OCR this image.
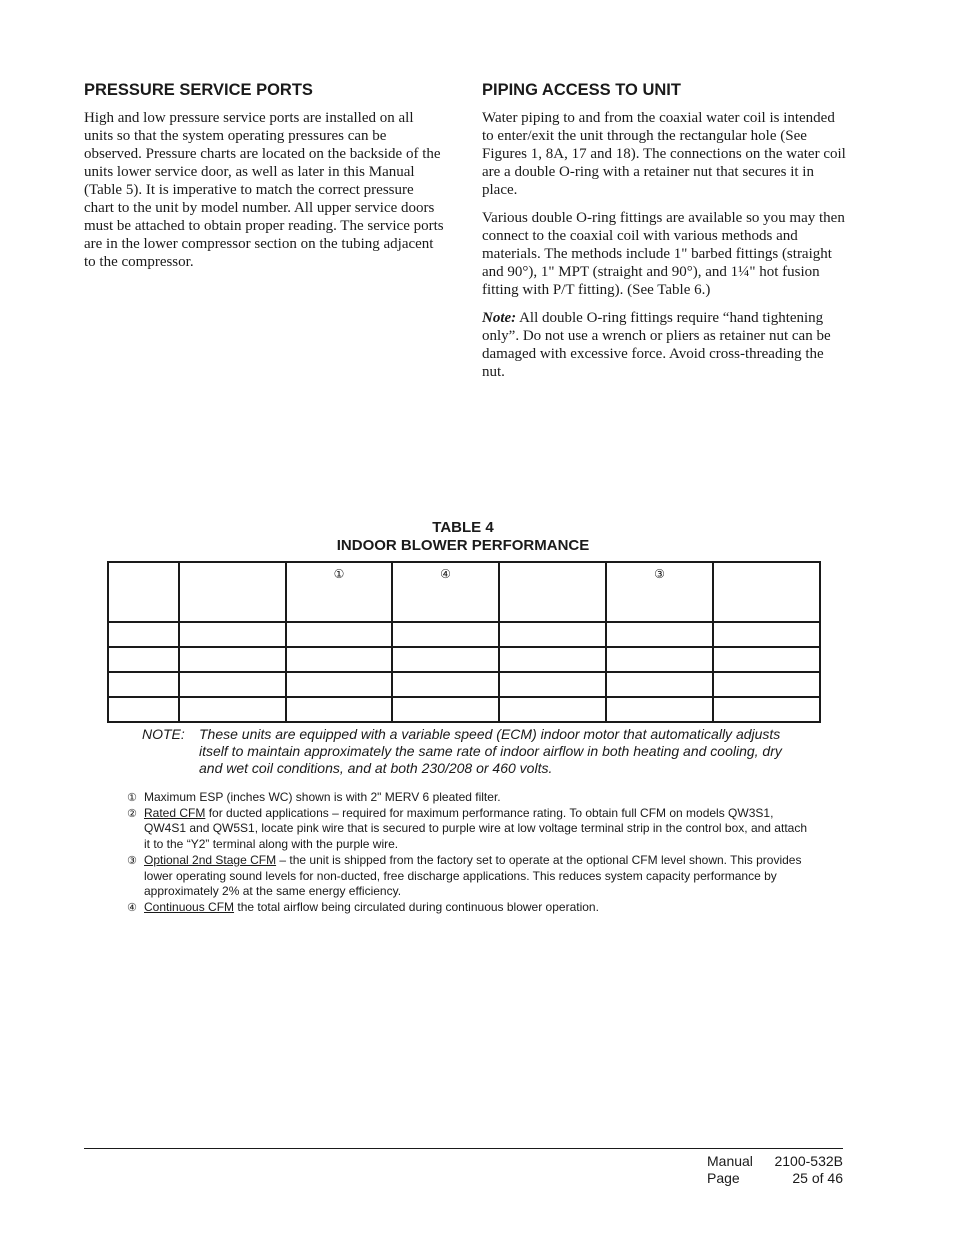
PRESSURE SERVICE PORTS

High and low pressure service ports are installed on all units so that the system operating pressures can be observed. Pressure charts are located on the backside of the units lower service door, as well as later in this Manual (Table 5). It is imperative to match the correct pressure chart to the unit by model number. All upper service doors must be attached to obtain proper reading. The service ports are in the lower compressor section on the tubing adjacent to the compressor.

PIPING ACCESS TO UNIT

Water piping to and from the coaxial water coil is intended to enter/exit the unit through the rectangular hole (See Figures 1, 8A, 17 and 18). The connections on the water coil are a double O-ring with a retainer nut that secures it in place.

Various double O-ring fittings are available so you may then connect to the coaxial coil with various methods and materials. The methods include 1" barbed fittings (straight and 90°), 1" MPT (straight and 90°), and 1¼" hot fusion fitting with P/T fitting). (See Table 6.)

Note: All double O-ring fittings require “hand tightening only”. Do not use a wrench or pliers as retainer nut can be damaged with excessive force. Avoid cross-threading the nut.

TABLE 4
INDOOR BLOWER PERFORMANCE
		①	④		③	

NOTE:	These units are equipped with a variable speed (ECM) indoor motor that automatically adjusts itself to maintain approximately the same rate of indoor airflow in both heating and cooling, dry and wet coil conditions, and at both 230/208 or 460 volts.
① Maximum ESP (inches WC) shown is with 2" MERV 6 pleated filter.
② Rated CFM for ducted applications – required for maximum performance rating. To obtain full CFM on models QW3S1, QW4S1 and QW5S1, locate pink wire that is secured to purple wire at low voltage terminal strip in the control box, and attach it to the “Y2” terminal along with the purple wire.
③ Optional 2nd Stage CFM – the unit is shipped from the factory set to operate at the optional CFM level shown. This provides lower operating sound levels for non-ducted, free discharge applications. This reduces system capacity performance by approximately 2% at the same energy efficiency.
④ Continuous CFM the total airflow being circulated during continuous blower operation.
Manual 2100-532B
Page	25 of 46
